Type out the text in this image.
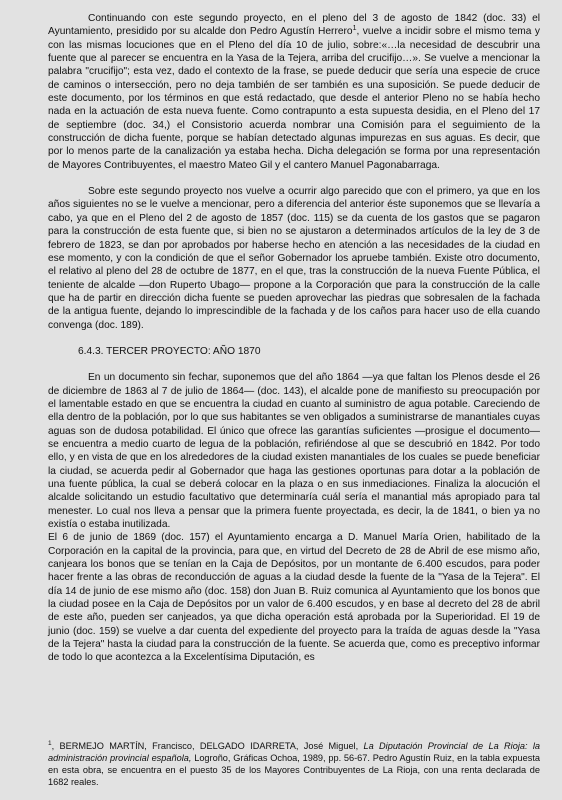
Continuando con este segundo proyecto, en el pleno del 3 de agosto de 1842 (doc. 33) el Ayuntamiento, presidido por su alcalde don Pedro Agustín Herrero$^1$, vuelve a incidir sobre el mismo tema y con las mismas locuciones que en el Pleno del día 10 de julio, sobre:«…la necesidad de descubrir una fuente que al parecer se encuentra en la Yasa de la Tejera, arriba del crucifijo…». Se vuelve a mencionar la palabra "crucifijo"; esta vez, dado el contexto de la frase, se puede deducir que sería una especie de cruce de caminos o intersección, pero no deja también de ser también es una suposición. Se puede deducir de este documento, por los términos en que está redactado, que desde el anterior Pleno no se había hecho nada en la actuación de esta nueva fuente. Como contrapunto a esta supuesta desidia, en el Pleno del 17 de septiembre (doc. 34,) el Consistorio acuerda nombrar una Comisión para el seguimiento de la construcción de dicha fuente, porque se habían detectado algunas impurezas en sus aguas. Es decir, que por lo menos parte de la canalización ya estaba hecha. Dicha delegación se forma por una representación de Mayores Contribuyentes, el maestro Mateo Gil y el cantero Manuel Pagonabarraga.

Sobre este segundo proyecto nos vuelve a ocurrir algo parecido que con el primero, ya que en los años siguientes no se le vuelve a mencionar, pero a diferencia del anterior éste suponemos que se llevaría a cabo, ya que en el Pleno del 2 de agosto de 1857 (doc. 115) se da cuenta de los gastos que se pagaron para la construcción de esta fuente que, si bien no se ajustaron a determinados artículos de la ley de 3 de febrero de 1823, se dan por aprobados por haberse hecho en atención a las necesidades de la ciudad en ese momento, y con la condición de que el señor Gobernador los apruebe también. Existe otro documento, el relativo al pleno del 28 de octubre de 1877, en el que, tras la construcción de la nueva Fuente Pública, el teniente de alcalde —don Ruperto Ubago— propone a la Corporación que para la construcción de la calle que ha de partir en dirección dicha fuente se pueden aprovechar las piedras que sobresalen de la fachada de la antigua fuente, dejando lo imprescindible de la fachada y de los caños para hacer uso de ella cuando convenga (doc. 189).

6.4.3. TERCER PROYECTO: AÑO 1870

En un documento sin fechar, suponemos que del año 1864 —ya que faltan los Plenos desde el 26 de diciembre de 1863 al 7 de julio de 1864— (doc. 143), el alcalde pone de manifiesto su preocupación por el lamentable estado en que se encuentra la ciudad en cuanto al suministro de agua potable. Careciendo de ella dentro de la población, por lo que sus habitantes se ven obligados a suministrarse de manantiales cuyas aguas son de dudosa potabilidad. El único que ofrece las garantías suficientes —prosigue el documento— se encuentra a medio cuarto de legua de la población, refiriéndose al que se descubrió en 1842. Por todo ello, y en vista de que en los alrededores de la ciudad existen manantiales de los cuales se puede beneficiar la ciudad, se acuerda pedir al Gobernador que haga las gestiones oportunas para dotar a la población de una fuente pública, la cual se deberá colocar en la plaza o en sus inmediaciones. Finaliza la alocución el alcalde solicitando un estudio facultativo que determinaría cuál sería el manantial más apropiado para tal menester. Lo cual nos lleva a pensar que la primera fuente proyectada, es decir, la de 1841, o bien ya no existía o estaba inutilizada.

El 6 de junio de 1869 (doc. 157) el Ayuntamiento encarga a D. Manuel María Orien, habilitado de la Corporación en la capital de la provincia, para que, en virtud del Decreto de 28 de Abril de ese mismo año, canjeara los bonos que se tenían en la Caja de Depósitos, por un montante de 6.400 escudos, para poder hacer frente a las obras de reconducción de aguas a la ciudad desde la fuente de la "Yasa de la Tejera". El día 14 de junio de ese mismo año (doc. 158) don Juan B. Ruiz comunica al Ayuntamiento que los bonos que la ciudad posee en la Caja de Depósitos por un valor de 6.400 escudos, y en base al decreto del 28 de abril de este año, pueden ser canjeados, ya que dicha operación está aprobada por la Superioridad. El 19 de junio (doc. 159) se vuelve a dar cuenta del expediente del proyecto para la traída de aguas desde la "Yasa de la Tejera" hasta la ciudad para la construcción de la fuente. Se acuerda que, como es preceptivo informar de todo lo que acontezca a la Excelentísima Diputación, es

$^1$, BERMEJO MARTÍN, Francisco, DELGADO IDARRETA, José Miguel, La Diputación Provincial de La Rioja: la administración provincial española, Logroño, Gráficas Ochoa, 1989, pp. 56-67. Pedro Agustín Ruiz, en la tabla expuesta en esta obra, se encuentra en el puesto 35 de los Mayores Contribuyentes de La Rioja, con una renta declarada de 1682 reales.
